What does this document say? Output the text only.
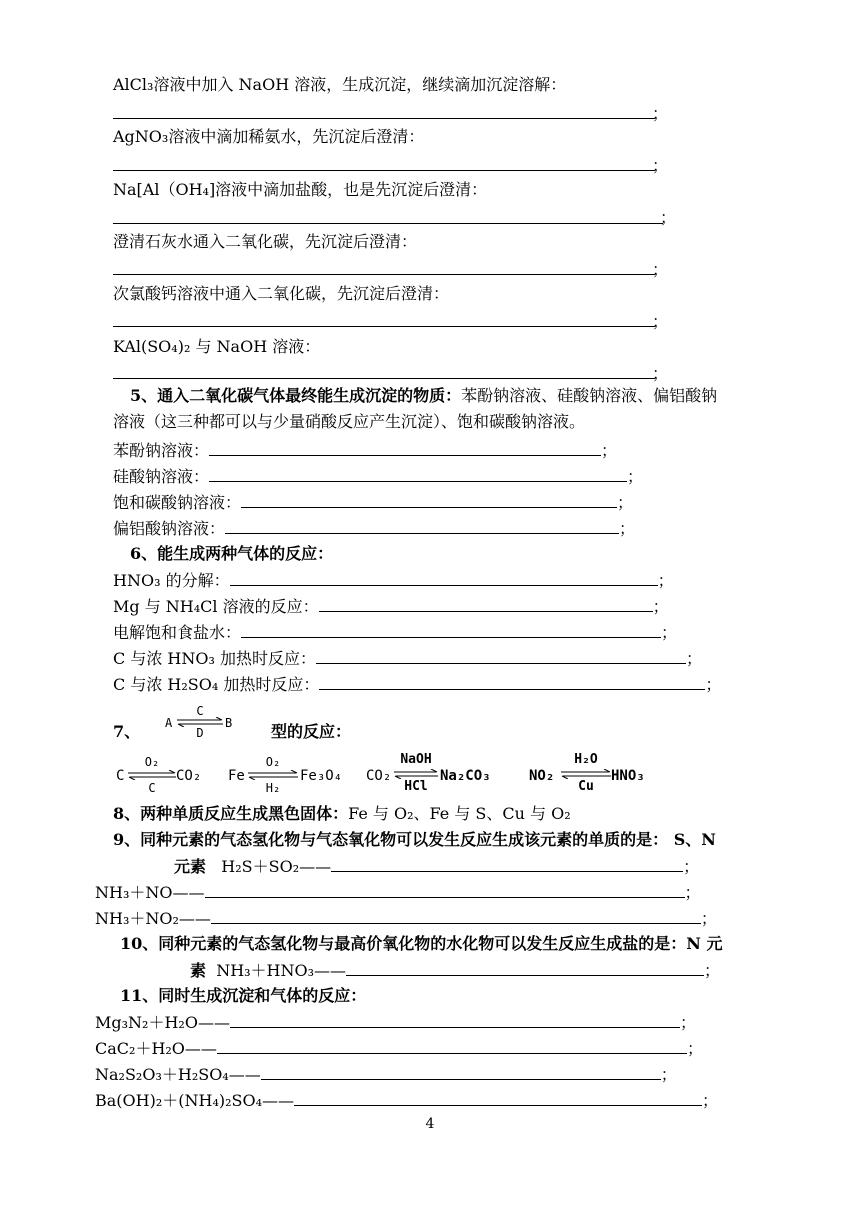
AlCl₃溶液中加入 NaOH 溶液，生成沉淀，继续滴加沉淀溶解：
；
AgNO₃溶液中滴加稀氨水，先沉淀后澄清：
；
Na[Al（OH₄]溶液中滴加盐酸，也是先沉淀后澄清：
；
澄清石灰水通入二氧化碳，先沉淀后澄清：
；
次氯酸钙溶液中通入二氧化碳，先沉淀后澄清：
；
KAl(SO₄)₂ 与 NaOH 溶液：
；
5、通入二氧化碳气体最终能生成沉淀的物质：苯酚钠溶液、硅酸钠溶液、偏铝酸钠
溶液（这三种都可以与少量硝酸反应产生沉淀）、饱和碳酸钠溶液。
苯酚钠溶液：	；
硅酸钠溶液：	；
饱和碳酸钠溶液：	；
偏铝酸钠溶液：	；
6、能生成两种气体的反应：
HNO₃ 的分解：	；
Mg 与 NH₄Cl 溶液的反应：	；
电解饱和食盐水：	；
C 与浓 HNO₃ 加热时反应：	；
C 与浓 H₂SO₄ 加热时反应：	；
7、 A
C
D
B 型的反应：
C
O₂
C
CO₂ Fe
O₂
H₂
Fe₃O₄ CO₂
NaOH
HCl
Na₂CO₃	NO₂
H₂O
Cu
HNO₃
8、两种单质反应生成黑色固体：Fe 与 O₂、Fe 与 S、Cu 与 O₂
9、同种元素的气态氢化物与气态氧化物可以发生反应生成该元素的单质的是： S、N
元素 H₂S＋SO₂——	；
NH₃＋NO——	；
NH₃＋NO₂——	；
10、同种元素的气态氢化物与最高价氧化物的水化物可以发生反应生成盐的是：N 元
素 NH₃＋HNO₃——	；
11、同时生成沉淀和气体的反应：
Mg₃N₂＋H₂O——	；
CaC₂＋H₂O——	；
Na₂S₂O₃＋H₂SO₄——	；
Ba(OH)₂＋(NH₄)₂SO₄——	；
4
